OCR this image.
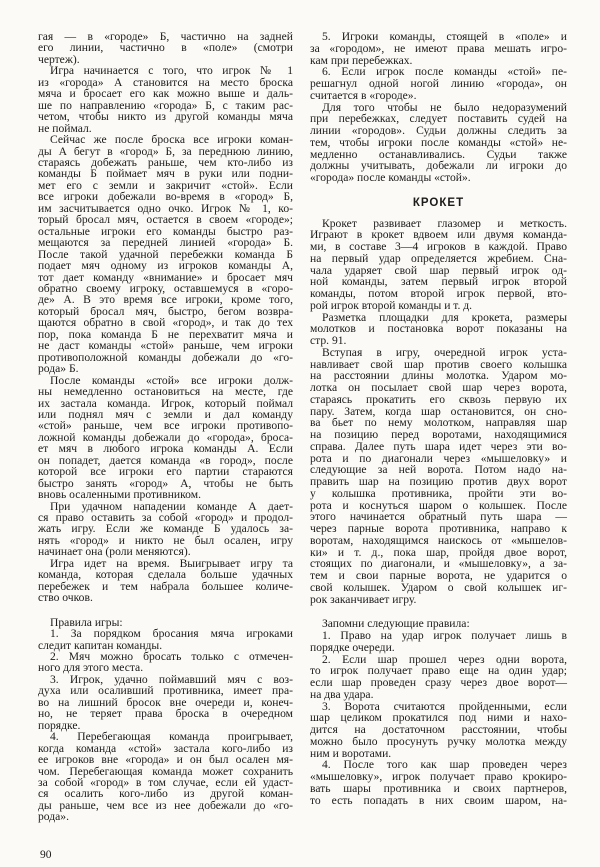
гая — в «городе» Б, частично на задней
его линии, частично в «поле» (смотри
чертеж).
Игра начинается с того, что игрок № 1
из «города» А становится на место броска
мяча и бросает его как можно выше и даль-
ше по направлению «города» Б, с таким рас-
четом, чтобы никто из другой команды мяча
не поймал.
Сейчас же после броска все игроки коман-
ды А бегут в «город» Б, за переднюю линию,
стараясь добежать раньше, чем кто-либо из
команды Б поймает мяч в руки или подни-
мет его с земли и закричит «стой». Если
все игроки добежали во-время в «город» Б,
им засчитывается одно очко. Игрок № 1, ко-
торый бросал мяч, остается в своем «городе»;
остальные игроки его команды быстро раз-
мещаются за передней линией «города» Б.
После такой удачной перебежки команда Б
подает мяч одному из игроков команды А,
тот дает команду «внимание» и бросает мяч
обратно своему игроку, оставшемуся в «горо-
де» А. В это время все игроки, кроме того,
который бросал мяч, быстро, бегом возвра-
щаются обратно в свой «город», и так до тех
пор, пока команда Б не перехватит мяча и
не даст команды «стой» раньше, чем игроки
противоположной команды добежали до «го-
рода» Б.
После команды «стой» все игроки долж-
ны немедленно остановиться на месте, где
их застала команда. Игрок, который поймал
или поднял мяч с земли и дал команду
«стой» раньше, чем все игроки противопо-
ложной команды добежали до «города», броса-
ет мяч в любого игрока команды А. Если
он попадет, дается команда «в город», после
которой все игроки его партии стараются
быстро занять «город» А, чтобы не быть
вновь осаленными противником.
При удачном нападении команде А дает-
ся право оставить за собой «город» и продол-
жать игру. Если же команде Б удалось за-
нять «город» и никто не был осален, игру
начинает она (роли меняются).
Игра идет на время. Выигрывает игру та
команда, которая сделала больше удачных
перебежек и тем набрала большее количе-
ство очков.
Правила игры:
1. За порядком бросания мяча игроками
следит капитан команды.
2. Мяч можно бросать только с отмечен-
ного для этого места.
3. Игрок, удачно поймавший мяч с воз-
духа или осаливший противника, имеет пра-
во на лишний бросок вне очереди и, конеч-
но, не теряет права броска в очередном
порядке.
4. Перебегающая команда проигрывает,
когда команда «стой» застала кого-либо из
ее игроков вне «города» и он был осален мя-
чом. Перебегающая команда может сохранить
за собой «город» в том случае, если ей удаст-
ся осалить кого-либо из другой коман-
ды раньше, чем все из нее добежали до «го-
рода».
5. Игроки команды, стоящей в «поле» и
за «городом», не имеют права мешать игро-
кам при перебежках.
6. Если игрок после команды «стой» пе-
решагнул одной ногой линию «города», он
считается в «городе».
Для того чтобы не было недоразумений
при перебежках, следует поставить судей на
линии «городов». Судьи должны следить за
тем, чтобы игроки после команды «стой» не-
медленно останавливались. Судьи также
должны учитывать, добежали ли игроки до
«города» после команды «стой».
КРОКЕТ
Крокет развивает глазомер и меткость.
Играют в крокет вдвоем или двумя команда-
ми, в составе 3—4 игроков в каждой. Право
на первый удар определяется жребием. Сна-
чала ударяет свой шар первый игрок од-
ной команды, затем первый игрок второй
команды, потом второй игрок первой, вто-
рой игрок второй команды и т. д.
Разметка площадки для крокета, размеры
молотков и постановка ворот показаны на
стр. 91.
Вступая в игру, очередной игрок уста-
навливает свой шар против своего колышка
на расстоянии длины молотка. Ударом мо-
лотка он посылает свой шар через ворота,
стараясь прокатить его сквозь первую их
пару. Затем, когда шар остановится, он сно-
ва бьет по нему молотком, направляя шар
на позицию перед воротами, находящимися
справа. Далее путь шара идет через эти во-
рота и по диагонали через «мышеловку» и
следующие за ней ворота. Потом надо на-
править шар на позицию против двух ворот
у колышка противника, пройти эти во-
рота и коснуться шаром о колышек. После
этого начинается обратный путь шара —
через парные ворота противника, направо к
воротам, находящимся наискось от «мышелов-
ки» и т. д., пока шар, пройдя двое ворот,
стоящих по диагонали, и «мышеловку», а за-
тем и свои парные ворота, не ударится о
свой колышек. Ударом о свой колышек иг-
рок заканчивает игру.
Запомни следующие правила:
1. Право на удар игрок получает лишь в
порядке очереди.
2. Если шар прошел через одни ворота,
то игрок получает право еще на один удар;
если шар проведен сразу через двое ворот—
на два удара.
3. Ворота считаются пройденными, если
шар целиком прокатился под ними и нахо-
дится на достаточном расстоянии, чтобы
можно было просунуть ручку молотка между
ним и воротами.
4. После того как шар проведен через
«мышеловку», игрок получает право крокиро-
вать шары противника и своих партнеров,
то есть попадать в них своим шаром, на-
90
